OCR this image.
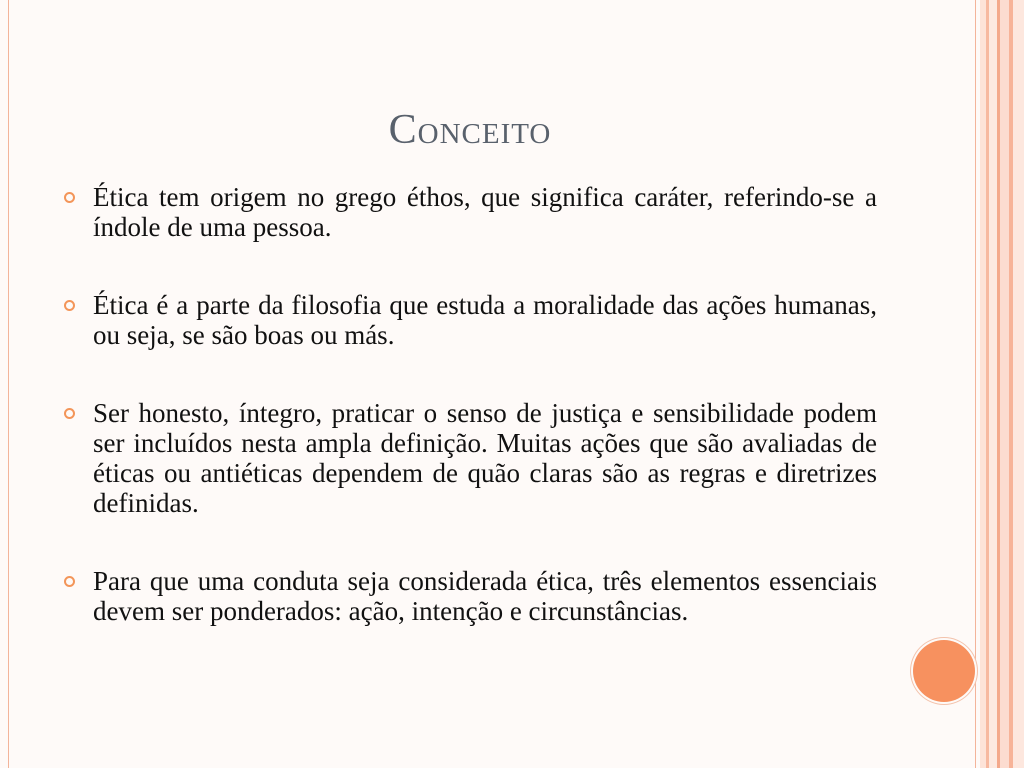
Conceito
Ética tem origem no grego éthos, que significa caráter, referindo-se a índole de uma pessoa.
Ética é a parte da filosofia que estuda a moralidade das ações humanas, ou seja, se são boas ou más.
Ser honesto, íntegro, praticar o senso de justiça e sensibilidade podem ser incluídos nesta ampla definição. Muitas ações que são avaliadas de éticas ou antiéticas dependem de quão claras são as regras e diretrizes definidas.
Para que uma conduta seja considerada ética, três elementos essenciais devem ser ponderados: ação, intenção e circunstâncias.
